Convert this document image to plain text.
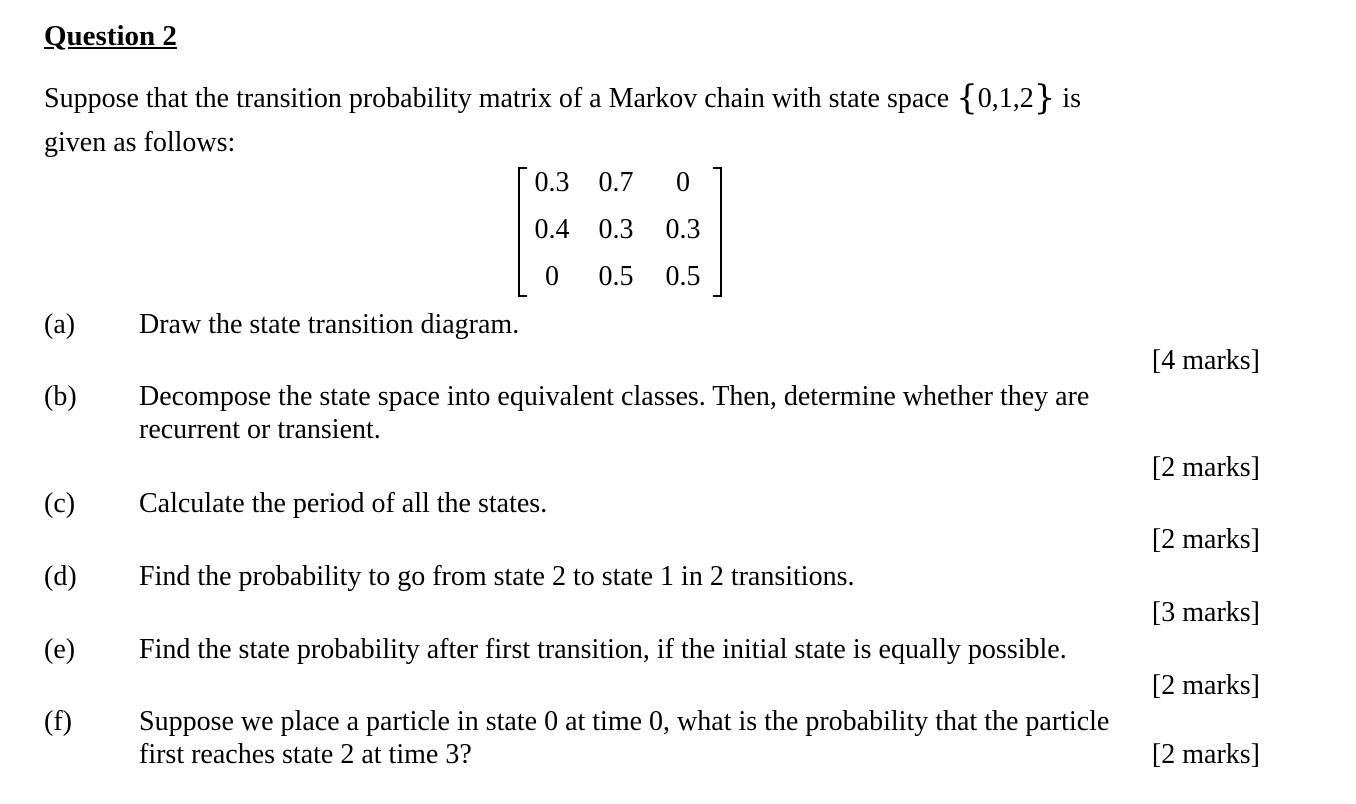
Question 2
Suppose that the transition probability matrix of a Markov chain with state space {0,1,2} is
given as follows:
0.3	0.7	0
0.4	0.3	0.3
0	0.5	0.5
(a) Draw the state transition diagram.
[4 marks]
(b) Decompose the state space into equivalent classes. Then, determine whether they are
recurrent or transient.
[2 marks]
(c) Calculate the period of all the states.
[2 marks]
(d) Find the probability to go from state 2 to state 1 in 2 transitions.
[3 marks]
(e) Find the state probability after first transition, if the initial state is equally possible.
[2 marks]
(f) Suppose we place a particle in state 0 at time 0, what is the probability that the particle
first reaches state 2 at time 3?	[2 marks]
